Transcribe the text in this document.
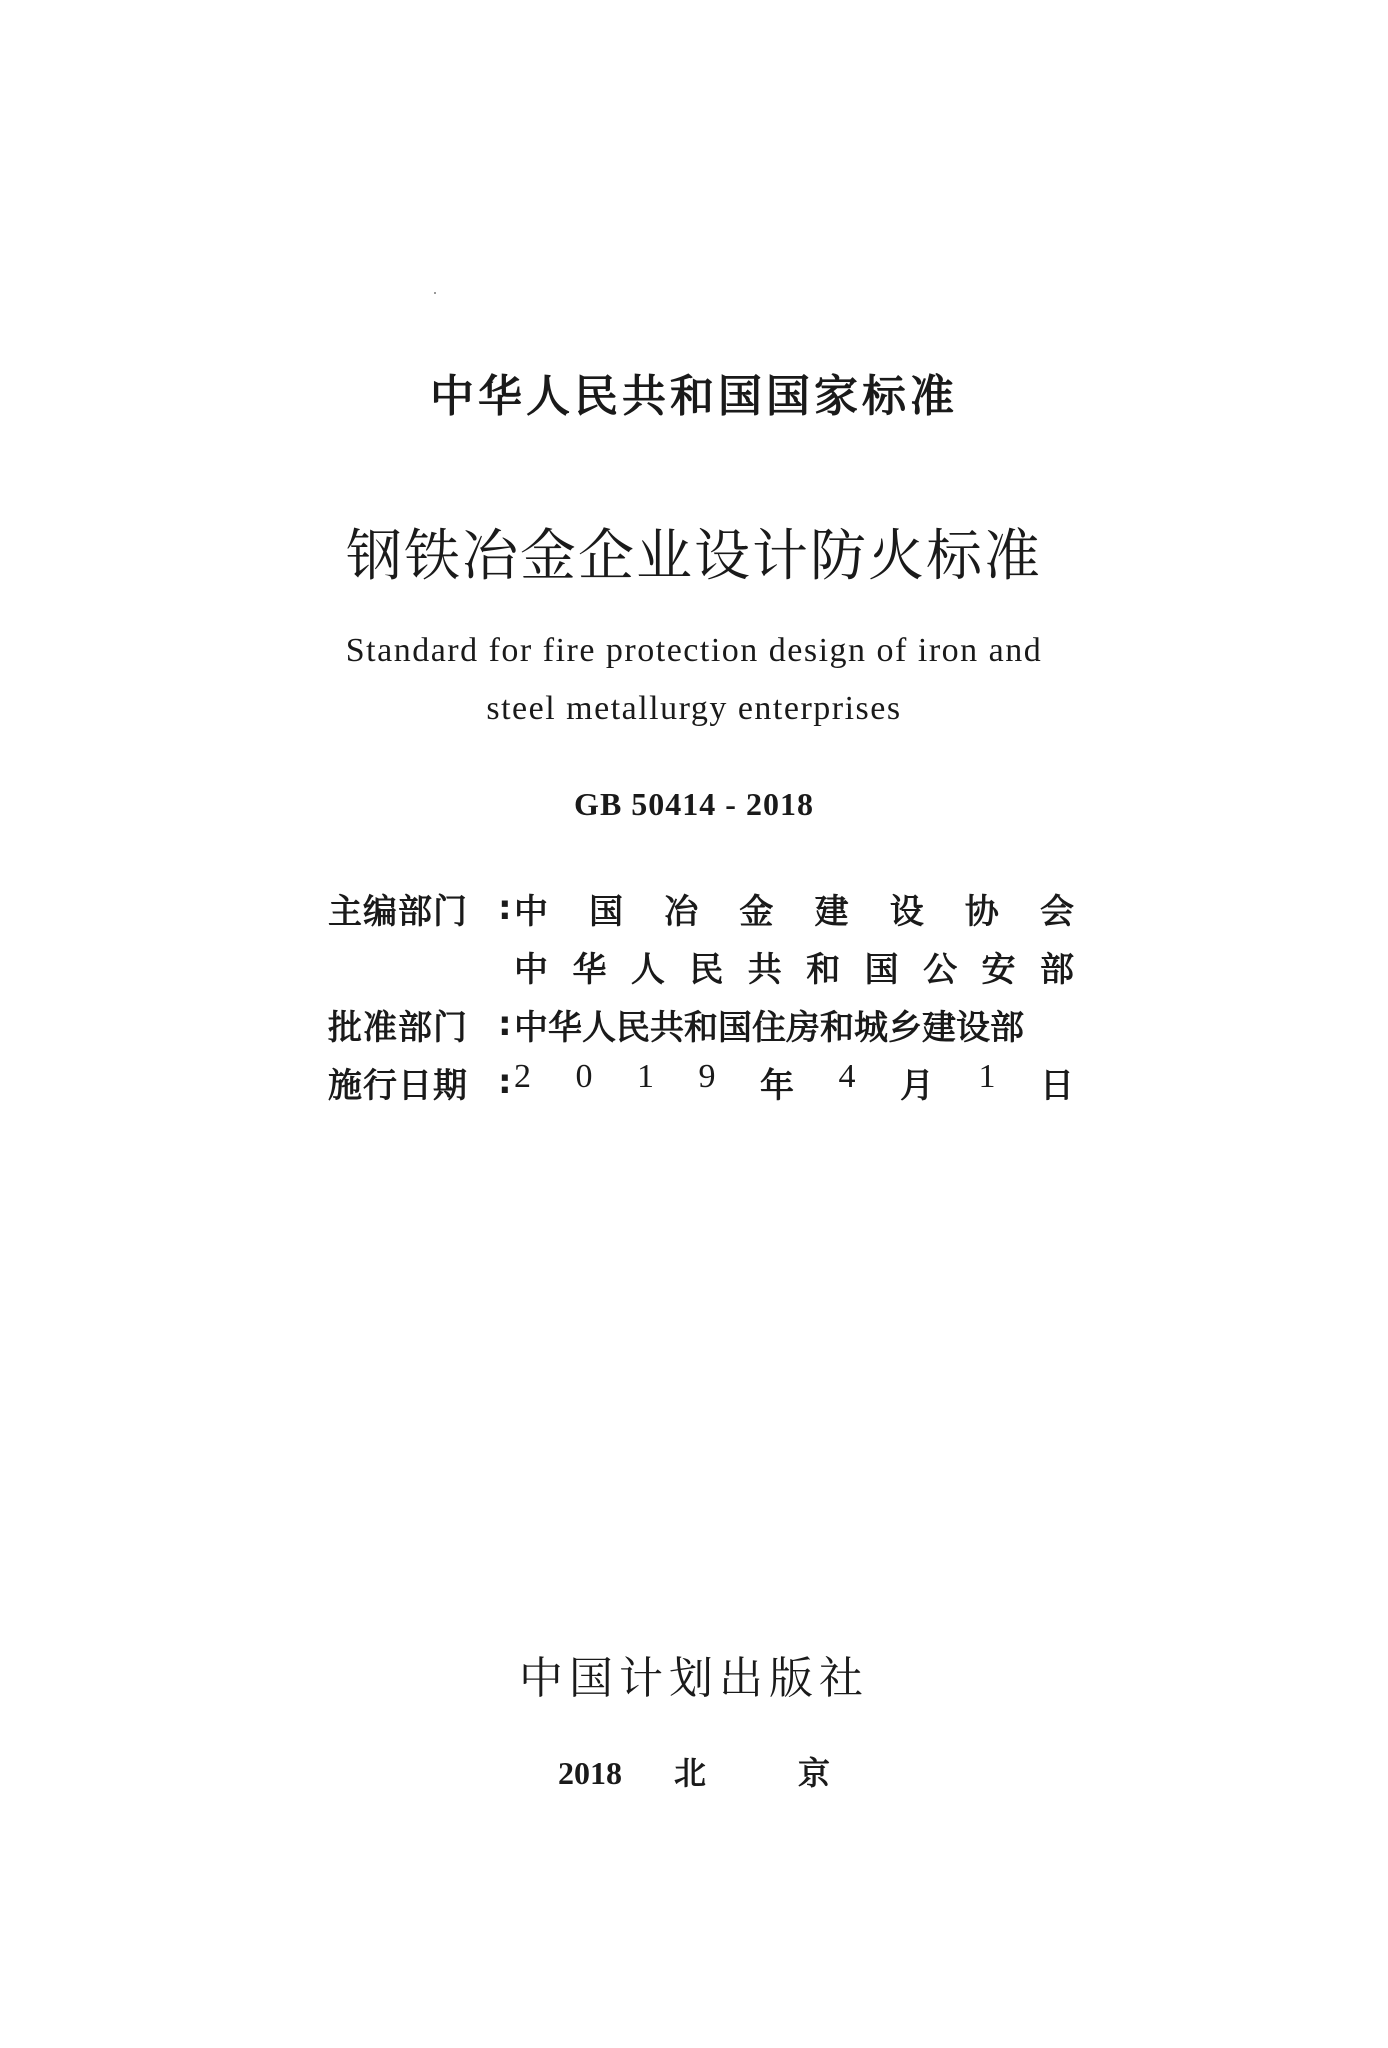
中华人民共和国国家标准
钢铁冶金企业设计防火标准
Standard for fire protection design of iron and
steel metallurgy enterprises
GB 50414 - 2018
主编部门 : 中 国 冶 金 建 设 协 会
中 华 人 民 共 和 国 公 安 部
批准部门 : 中华人民共和国住房和城乡建设部
施行日期 : 2 0 1 9 年 4 月 1 日
中国计划出版社
2018 北	京
